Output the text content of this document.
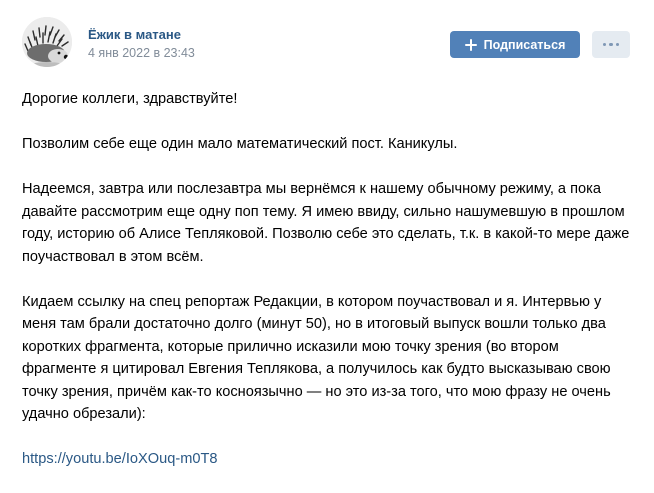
Ёжик в матане
4 янв 2022 в 23:43
Подписаться

Дорогие коллеги, здравствуйте!

Позволим себе еще один мало математический пост. Каникулы.

Надеемся, завтра или послезавтра мы вернёмся к нашему обычному режиму, а пока давайте рассмотрим еще одну поп тему. Я имею ввиду, сильно нашумевшую в прошлом году, историю об Алисе Тепляковой. Позволю себе это сделать, т.к. в какой-то мере даже поучаствовал в этом всём.

Кидаем ссылку на спец репортаж Редакции, в котором поучаствовал и я. Интервью у меня там брали достаточно долго (минут 50), но в итоговый выпуск вошли только два коротких фрагмента, которые прилично исказили мою точку зрения (во втором фрагменте я цитировал Евгения Теплякова, а получилось как будто высказываю свою точку зрения, причём как-то косноязычно — но это из-за того, что мою фразу не очень удачно обрезали):

https://youtu.be/IoXOuq-m0T8
